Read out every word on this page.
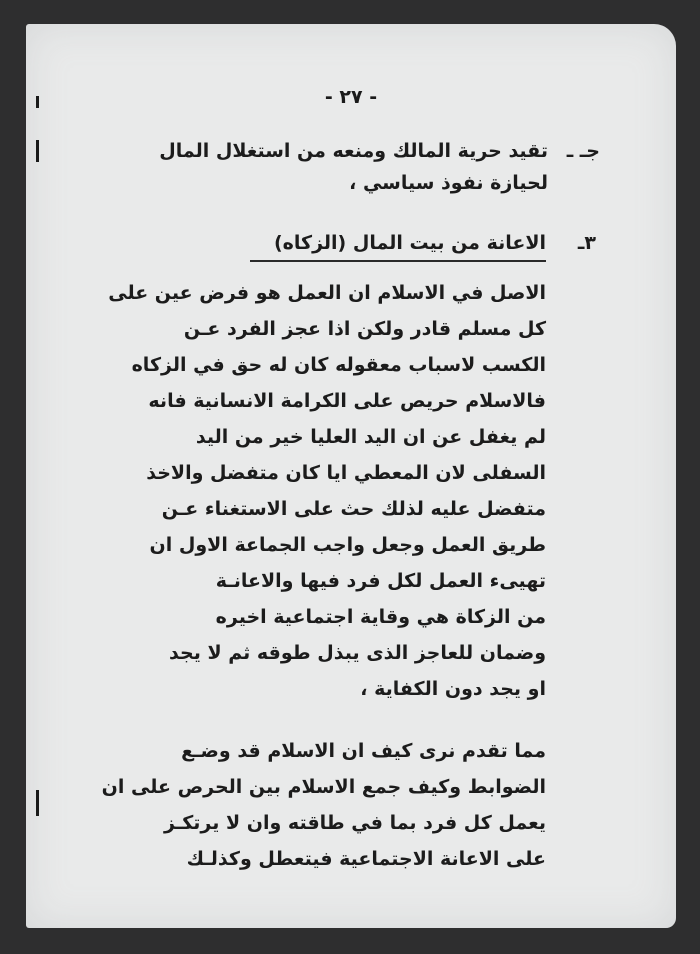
- ٢٧ -
جـ ـ
تقيد حرية المالك ومنعه من استغلال المال
لحيازة نفوذ سياسي ،
٣ـ
الاعانة من بيت المال (الزكاه)
الاصل في الاسلام ان العمل هو فرض عين على
كل مسلم قادر ولكن اذا عجز الفرد عـن
الكسب لاسباب معقوله كان له حق في الزكاه
فالاسلام حريص على الكرامة الانسانية فانه
لم يغفل عن ان اليد العليا خير من اليد
السفلى لان المعطي ايا كان متفضل والاخذ
متفضل عليه لذلك حث على الاستغناء عـن
طريق العمل وجعل واجب الجماعة الاول ان
تهيىء العمل لكل فرد فيها والاعانـة
من الزكاة هي وقاية اجتماعية اخيره
وضمان للعاجز الذى يبذل طوقه ثم لا يجد
او يجد دون الكفاية ،
مما تقدم نرى كيف ان الاسلام قد وضـع
الضوابط وكيف جمع الاسلام بين الحرص على ان
يعمل كل فرد بما في طاقته وان لا يرتكـز
على الاعانة الاجتماعية فيتعطل وكذلـك
